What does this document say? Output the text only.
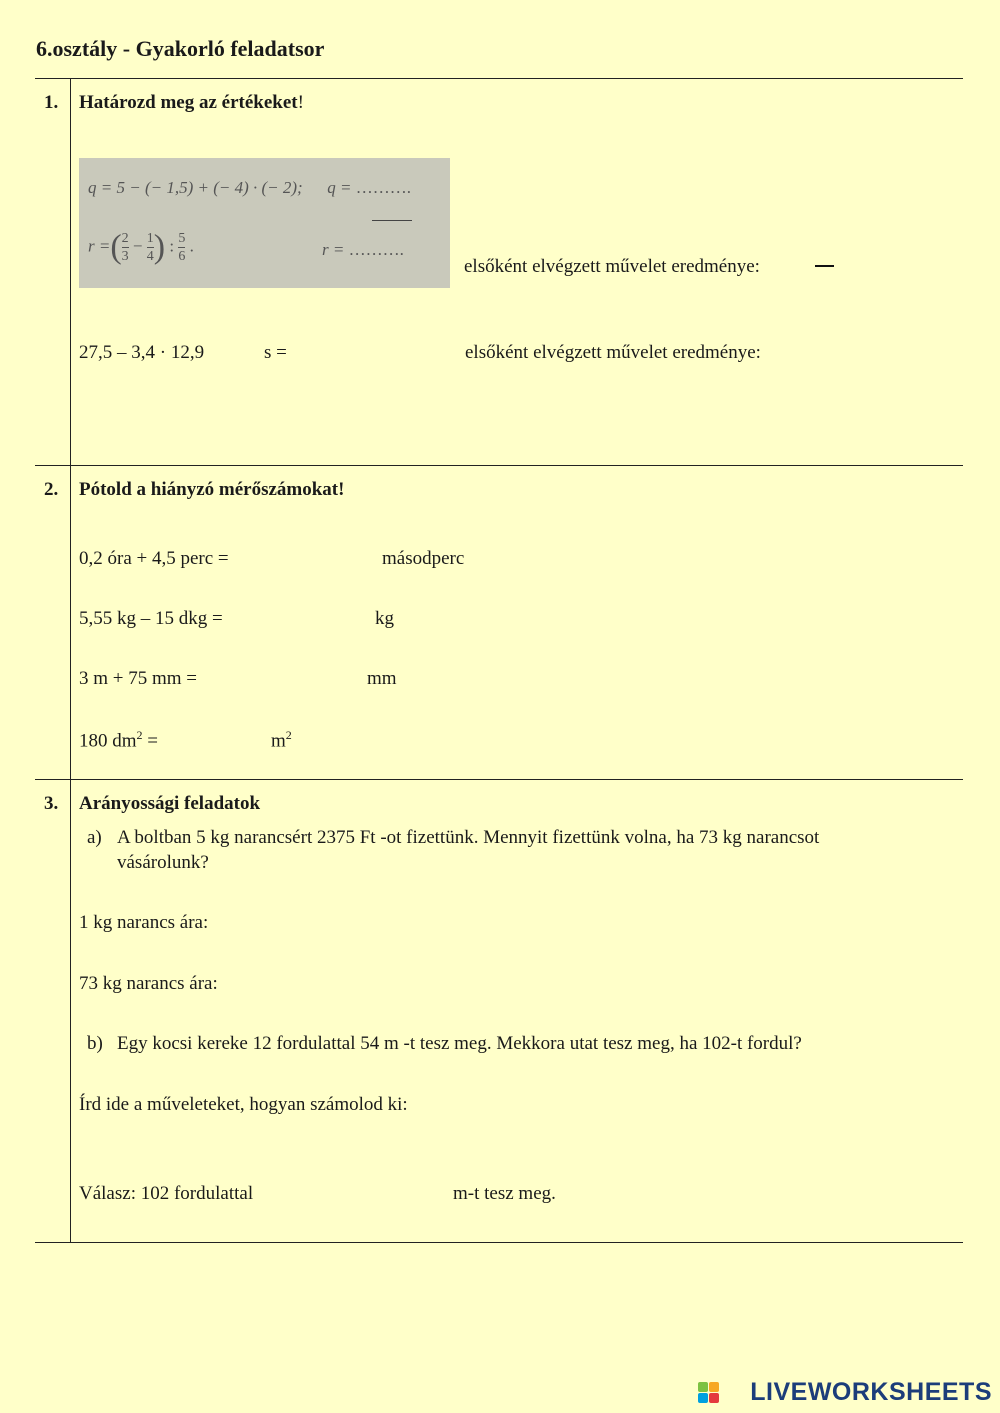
6.osztály - Gyakorló feladatsor
1. Határozd meg az értékeket!
q = 5 − (− 1,5) + (− 4) · (− 2); q = ……….
r =( $\frac{2}{3} - \frac{1}{4}$ ) : $\frac{5}{6}$ .	r = ……….
elsőként elvégzett művelet eredménye:
27,5 – 3,4 · 12,9	s =	elsőként elvégzett művelet eredménye:
2. Pótold a hiányzó mérőszámokat!
0,2 óra + 4,5 perc =	másodperc
5,55 kg – 15 dkg =	kg
3 m + 75 mm =	mm
180 $dm^2$ =	$m^2$
3. Arányossági feladatok
a) A boltban 5 kg narancsért 2375 Ft -ot fizettünk. Mennyit fizettünk volna, ha 73 kg narancsot
vásárolunk?
1 kg narancs ára:
73 kg narancs ára:
b) Egy kocsi kereke 12 fordulattal 54 m -t tesz meg. Mekkora utat tesz meg, ha 102-t fordul?
Írd ide a műveleteket, hogyan számolod ki:
Válasz: 102 fordulattal	m-t tesz meg.
LIVEWORKSHEETS
